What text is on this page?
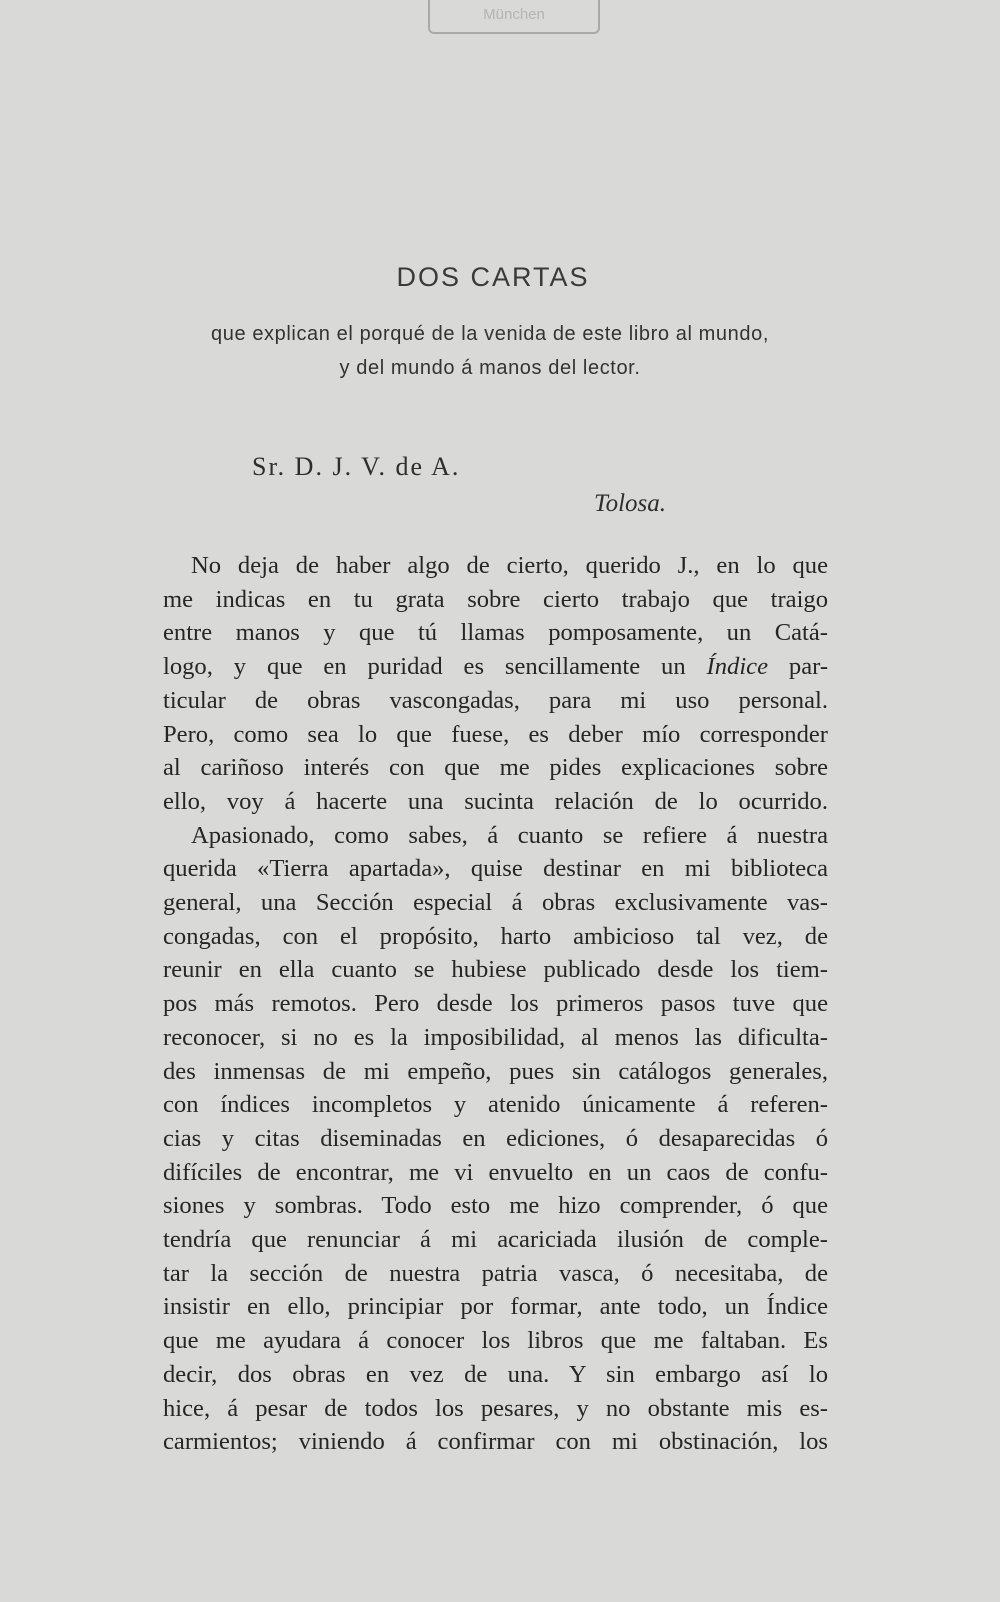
München
DOS CARTAS
que explican el porqué de la venida de este libro al mundo,
y del mundo á manos del lector.
Sr. D. J. V. de A.
Tolosa.
No deja de haber algo de cierto, querido J., en lo que
me indicas en tu grata sobre cierto trabajo que traigo
entre manos y que tú llamas pomposamente, un Catá-
logo, y que en puridad es sencillamente un Índice par-
ticular de obras vascongadas, para mi uso personal.
Pero, como sea lo que fuese, es deber mío corresponder
al cariñoso interés con que me pides explicaciones sobre
ello, voy á hacerte una sucinta relación de lo ocurrido.
Apasionado, como sabes, á cuanto se refiere á nuestra
querida «Tierra apartada», quise destinar en mi biblioteca
general, una Sección especial á obras exclusivamente vas-
congadas, con el propósito, harto ambicioso tal vez, de
reunir en ella cuanto se hubiese publicado desde los tiem-
pos más remotos. Pero desde los primeros pasos tuve que
reconocer, si no es la imposibilidad, al menos las dificulta-
des inmensas de mi empeño, pues sin catálogos generales,
con índices incompletos y atenido únicamente á referen-
cias y citas diseminadas en ediciones, ó desaparecidas ó
difíciles de encontrar, me vi envuelto en un caos de confu-
siones y sombras. Todo esto me hizo comprender, ó que
tendría que renunciar á mi acariciada ilusión de comple-
tar la sección de nuestra patria vasca, ó necesitaba, de
insistir en ello, principiar por formar, ante todo, un Índice
que me ayudara á conocer los libros que me faltaban. Es
decir, dos obras en vez de una. Y sin embargo así lo
hice, á pesar de todos los pesares, y no obstante mis es-
carmientos; viniendo á confirmar con mi obstinación, los
